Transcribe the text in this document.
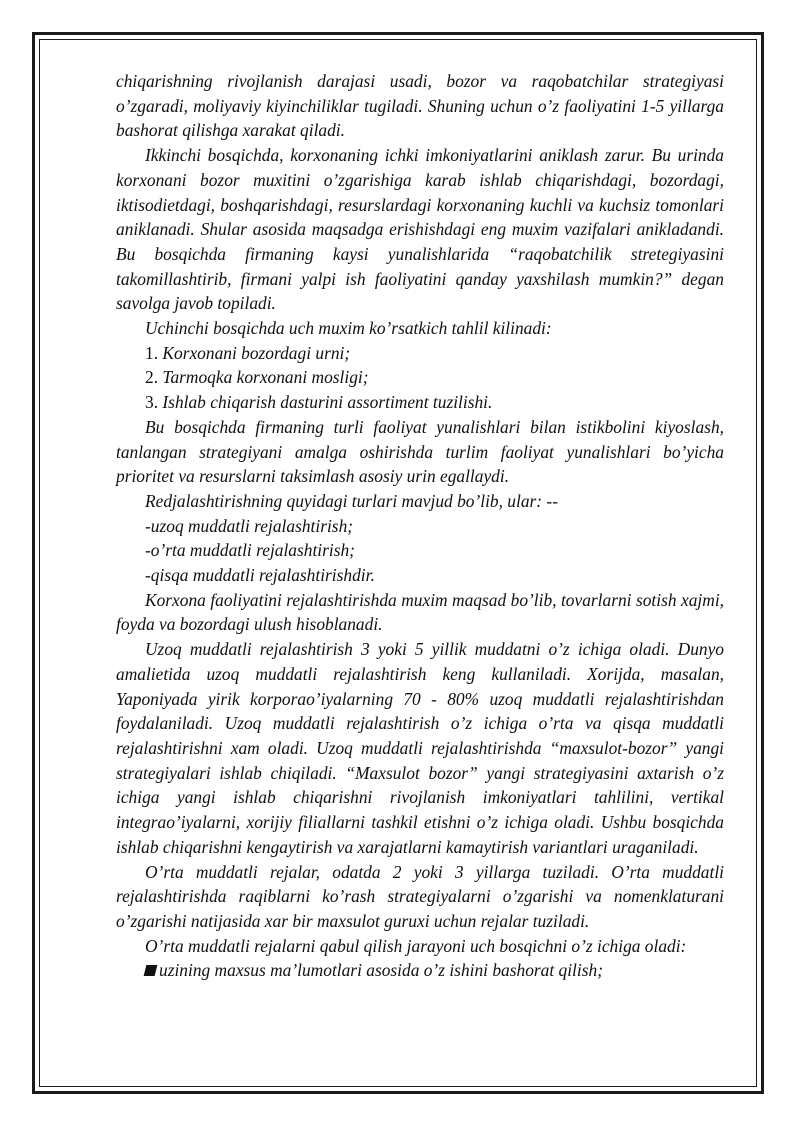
chiqarishning rivojlanish darajasi usadi, bozor va raqobatchilar strategiyasi o’zgaradi, moliyaviy kiyinchiliklar tugiladi. Shuning uchun o’z faoliyatini 1-5 yillarga bashorat qilishga xarakat qiladi.

Ikkinchi bosqichda, korxonaning ichki imkoniyatlarini aniklash zarur. Bu urinda korxonani bozor muxitini o’zgarishiga karab ishlab chiqarishdagi, bozordagi, iktisodietdagi, boshqarishdagi, resurslardagi korxonaning kuchli va kuchsiz tomonlari aniklanadi. Shular asosida maqsadga erishishdagi eng muxim vazifalari anikladandi. Bu bosqichda firmaning kaysi yunalishlarida “raqobatchilik stretegiyasini takomillashtirib, firmani yalpi ish faoliyatini qanday yaxshilash mumkin?” degan savolga javob topiladi.

Uchinchi bosqichda uch muxim ko’rsatkich tahlil kilinadi:

1. Korxonani bozordagi urni;

2. Tarmoqka korxonani mosligi;

3. Ishlab chiqarish dasturini assortiment tuzilishi.

Bu bosqichda firmaning turli faoliyat yunalishlari bilan istikbolini kiyoslash, tanlangan strategiyani amalga oshirishda turlim faoliyat yunalishlari bo’yicha prioritet va resurslarni taksimlash asosiy urin egallaydi.

Redjalashtirishning quyidagi turlari mavjud bo’lib, ular: --

-uzoq muddatli rejalashtirish;

-o’rta muddatli rejalashtirish;

-qisqa muddatli rejalashtirishdir.

Korxona faoliyatini rejalashtirishda muxim maqsad bo’lib, tovarlarni sotish xajmi, foyda va bozordagi ulush hisoblanadi.

Uzoq muddatli rejalashtirish 3 yoki 5 yillik muddatni o’z ichiga oladi. Dunyo amalietida uzoq muddatli rejalashtirish keng kullaniladi. Xorijda, masalan, Yaponiyada yirik korporao’iyalarning 70 - 80% uzoq muddatli rejalashtirishdan foydalaniladi. Uzoq muddatli rejalashtirish o’z ichiga o’rta va qisqa muddatli rejalashtirishni xam oladi. Uzoq muddatli rejalashtirishda “maxsulot-bozor” yangi strategiyalari ishlab chiqiladi. “Maxsulot bozor” yangi strategiyasini axtarish o’z ichiga yangi ishlab chiqarishni rivojlanish imkoniyatlari tahlilini, vertikal integrao’iyalarni, xorijiy filiallarni tashkil etishni o’z ichiga oladi. Ushbu bosqichda ishlab chiqarishni kengaytirish va xarajatlarni kamaytirish variantlari uraganiladi.

O’rta muddatli rejalar, odatda 2 yoki 3 yillarga tuziladi. O’rta muddatli rejalashtirishda raqiblarni ko’rash strategiyalarni o’zgarishi va nomenklaturani o’zgarishi natijasida xar bir maxsulot guruxi uchun rejalar tuziladi.

O’rta muddatli rejalarni qabul qilish jarayoni uch bosqichni o’z ichiga oladi:

uzining maxsus ma’lumotlari asosida o’z ishini bashorat qilish;
